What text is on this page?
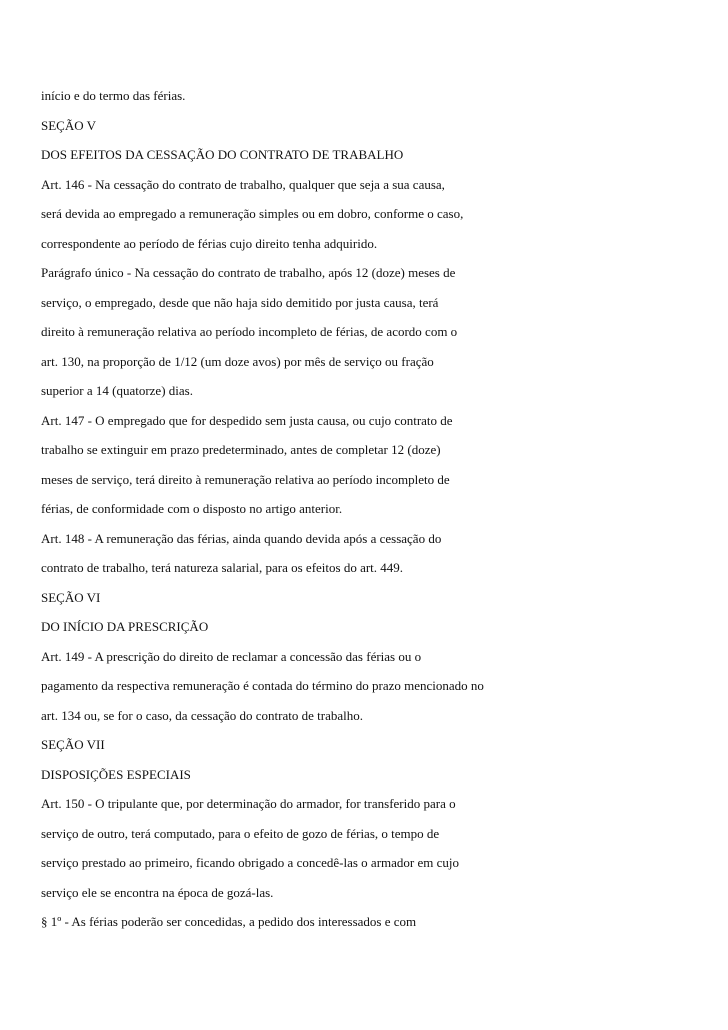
início e do termo das férias.
SEÇÃO V
DOS EFEITOS DA CESSAÇÃO DO CONTRATO DE TRABALHO
Art. 146 - Na cessação do contrato de trabalho, qualquer que seja a sua causa,
será devida ao empregado a remuneração simples ou em dobro, conforme o caso,
correspondente ao período de férias cujo direito tenha adquirido.
Parágrafo único - Na cessação do contrato de trabalho, após 12 (doze) meses de
serviço, o empregado, desde que não haja sido demitido por justa causa, terá
direito à remuneração relativa ao período incompleto de férias, de acordo com o
art. 130, na proporção de 1/12 (um doze avos) por mês de serviço ou fração
superior a 14 (quatorze) dias.
Art. 147 - O empregado que for despedido sem justa causa, ou cujo contrato de
trabalho se extinguir em prazo predeterminado, antes de completar 12 (doze)
meses de serviço, terá direito à remuneração relativa ao período incompleto de
férias, de conformidade com o disposto no artigo anterior.
Art. 148 - A remuneração das férias, ainda quando devida após a cessação do
contrato de trabalho, terá natureza salarial, para os efeitos do art. 449.
SEÇÃO VI
DO INÍCIO DA PRESCRIÇÃO
Art. 149 - A prescrição do direito de reclamar a concessão das férias ou o
pagamento da respectiva remuneração é contada do término do prazo mencionado no
art. 134 ou, se for o caso, da cessação do contrato de trabalho.
SEÇÃO VII
DISPOSIÇÕES ESPECIAIS
Art. 150 - O tripulante que, por determinação do armador, for transferido para o
serviço de outro, terá computado, para o efeito de gozo de férias, o tempo de
serviço prestado ao primeiro, ficando obrigado a concedê-las o armador em cujo
serviço ele se encontra na época de gozá-las.
§ 1º - As férias poderão ser concedidas, a pedido dos interessados e com
